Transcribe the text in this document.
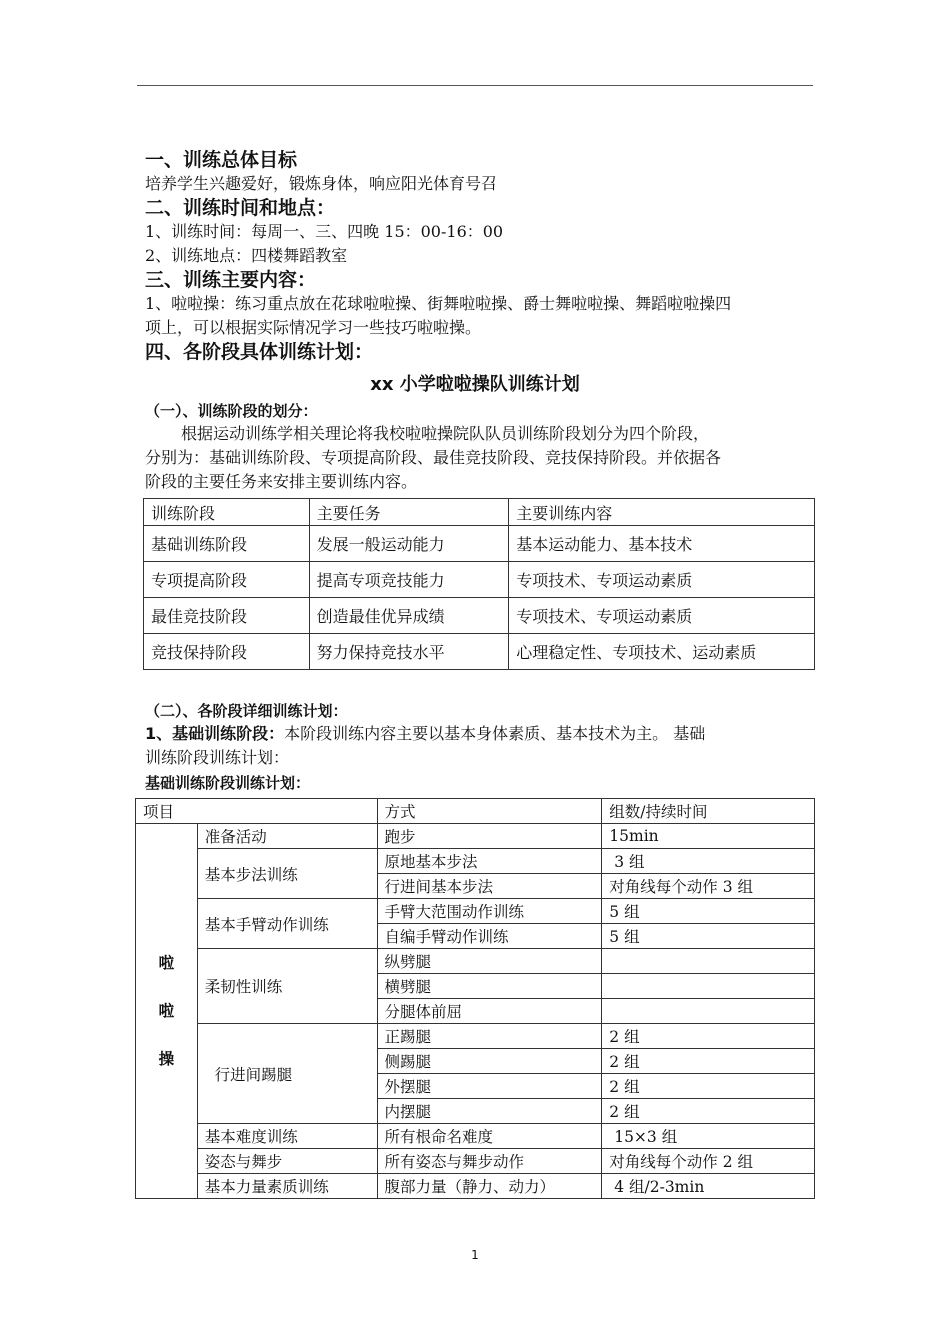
一、训练总体目标
培养学生兴趣爱好，锻炼身体，响应阳光体育号召
二、训练时间和地点：
1、训练时间：每周一、三、四晚 15：00-16：00
2、训练地点：四楼舞蹈教室
三、训练主要内容：
1、啦啦操：练习重点放在花球啦啦操、街舞啦啦操、爵士舞啦啦操、舞蹈啦啦操四
项上，可以根据实际情况学习一些技巧啦啦操。
四、各阶段具体训练计划：
xx 小学啦啦操队训练计划
（一）、训练阶段的划分：
根据运动训练学相关理论将我校啦啦操院队队员训练阶段划分为四个阶段，
分别为：基础训练阶段、专项提高阶段、最佳竞技阶段、竞技保持阶段。并依据各
阶段的主要任务来安排主要训练内容。
训练阶段	主要任务	主要训练内容
基础训练阶段	发展一般运动能力	基本运动能力、基本技术
专项提高阶段	提高专项竞技能力	专项技术、专项运动素质
最佳竞技阶段	创造最佳优异成绩	专项技术、专项运动素质
竞技保持阶段	努力保持竞技水平	心理稳定性、专项技术、运动素质
（二）、各阶段详细训练计划：
1、基础训练阶段：本阶段训练内容主要以基本身体素质、基本技术为主。 基础
训练阶段训练计划：
基础训练阶段训练计划：
项目		方式	组数/持续时间

啦
啦
操	准备活动	跑步	15min
	基本步法训练	原地基本步法	3 组
		行进间基本步法	对角线每个动作 3 组
	基本手臂动作训练	手臂大范围动作训练	5 组
		自编手臂动作训练	5 组
	柔韧性训练	纵劈腿	
		横劈腿	
		分腿体前屈	
	行进间踢腿	正踢腿	2 组
		侧踢腿	2 组
		外摆腿	2 组
		内摆腿	2 组
	基本难度训练	所有根命名难度	15×3 组
	姿态与舞步	所有姿态与舞步动作	对角线每个动作 2 组
	基本力量素质训练	腹部力量（静力、动力）	4 组/2-3min
1
